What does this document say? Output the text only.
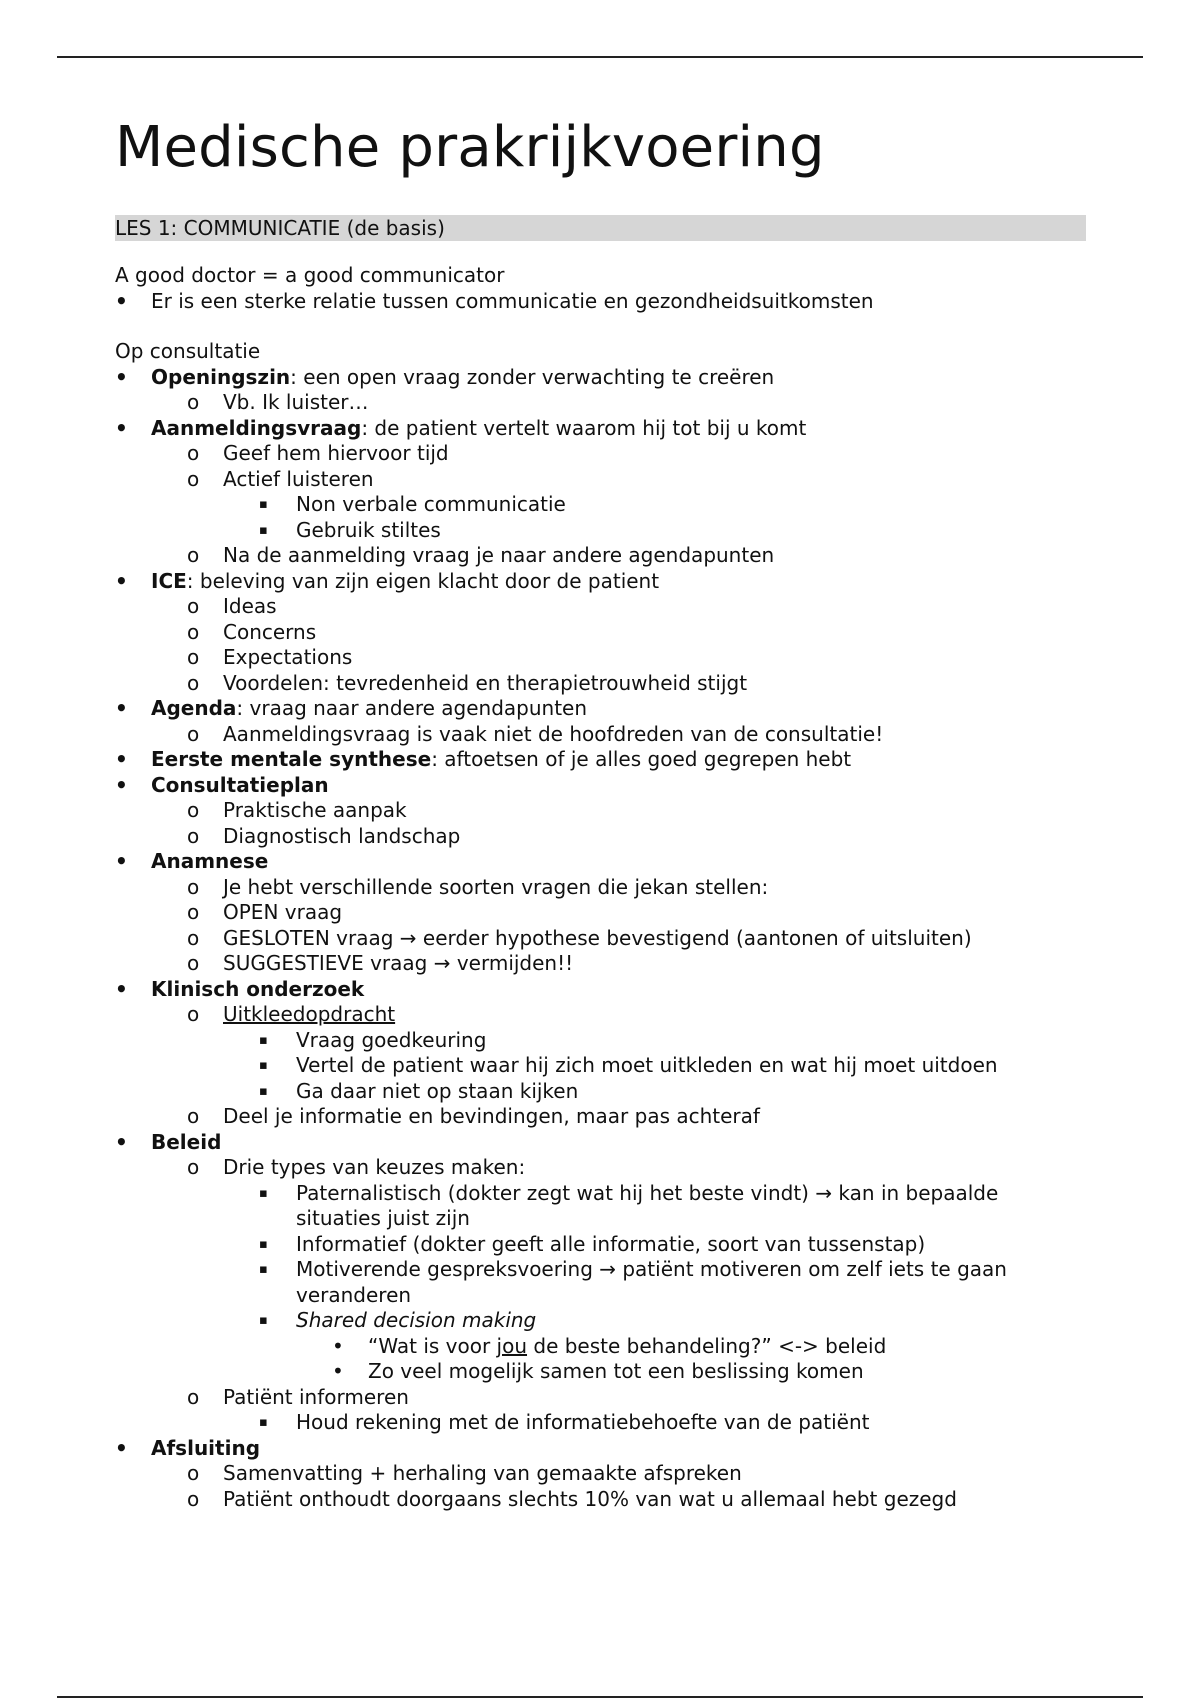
Medische prakrijkvoering
LES 1: COMMUNICATIE (de basis)
A good doctor = a good communicator
• Er is een sterke relatie tussen communicatie en gezondheidsuitkomsten
Op consultatie
• Openingszin: een open vraag zonder verwachting te creëren
o Vb. Ik luister…
• Aanmeldingsvraag: de patient vertelt waarom hij tot bij u komt
o Geef hem hiervoor tijd
o Actief luisteren
▪ Non verbale communicatie
▪ Gebruik stiltes
o Na de aanmelding vraag je naar andere agendapunten
• ICE: beleving van zijn eigen klacht door de patient
o Ideas
o Concerns
o Expectations
o Voordelen: tevredenheid en therapietrouwheid stijgt
• Agenda: vraag naar andere agendapunten
o Aanmeldingsvraag is vaak niet de hoofdreden van de consultatie!
• Eerste mentale synthese: aftoetsen of je alles goed gegrepen hebt
• Consultatieplan
o Praktische aanpak
o Diagnostisch landschap
• Anamnese
o Je hebt verschillende soorten vragen die jekan stellen:
o OPEN vraag
o GESLOTEN vraag → eerder hypothese bevestigend (aantonen of uitsluiten)
o SUGGESTIEVE vraag → vermijden!!
• Klinisch onderzoek
o Uitkleedopdracht
▪ Vraag goedkeuring
▪ Vertel de patient waar hij zich moet uitkleden en wat hij moet uitdoen
▪ Ga daar niet op staan kijken
o Deel je informatie en bevindingen, maar pas achteraf
• Beleid
o Drie types van keuzes maken:
▪ Paternalistisch (dokter zegt wat hij het beste vindt) → kan in bepaalde
situaties juist zijn
▪ Informatief (dokter geeft alle informatie, soort van tussenstap)
▪ Motiverende gespreksvoering → patiënt motiveren om zelf iets te gaan
veranderen
▪ Shared decision making
• “Wat is voor jou de beste behandeling?” <-> beleid
• Zo veel mogelijk samen tot een beslissing komen
o Patiënt informeren
▪ Houd rekening met de informatiebehoefte van de patiënt
• Afsluiting
o Samenvatting + herhaling van gemaakte afspreken
o Patiënt onthoudt doorgaans slechts 10% van wat u allemaal hebt gezegd
